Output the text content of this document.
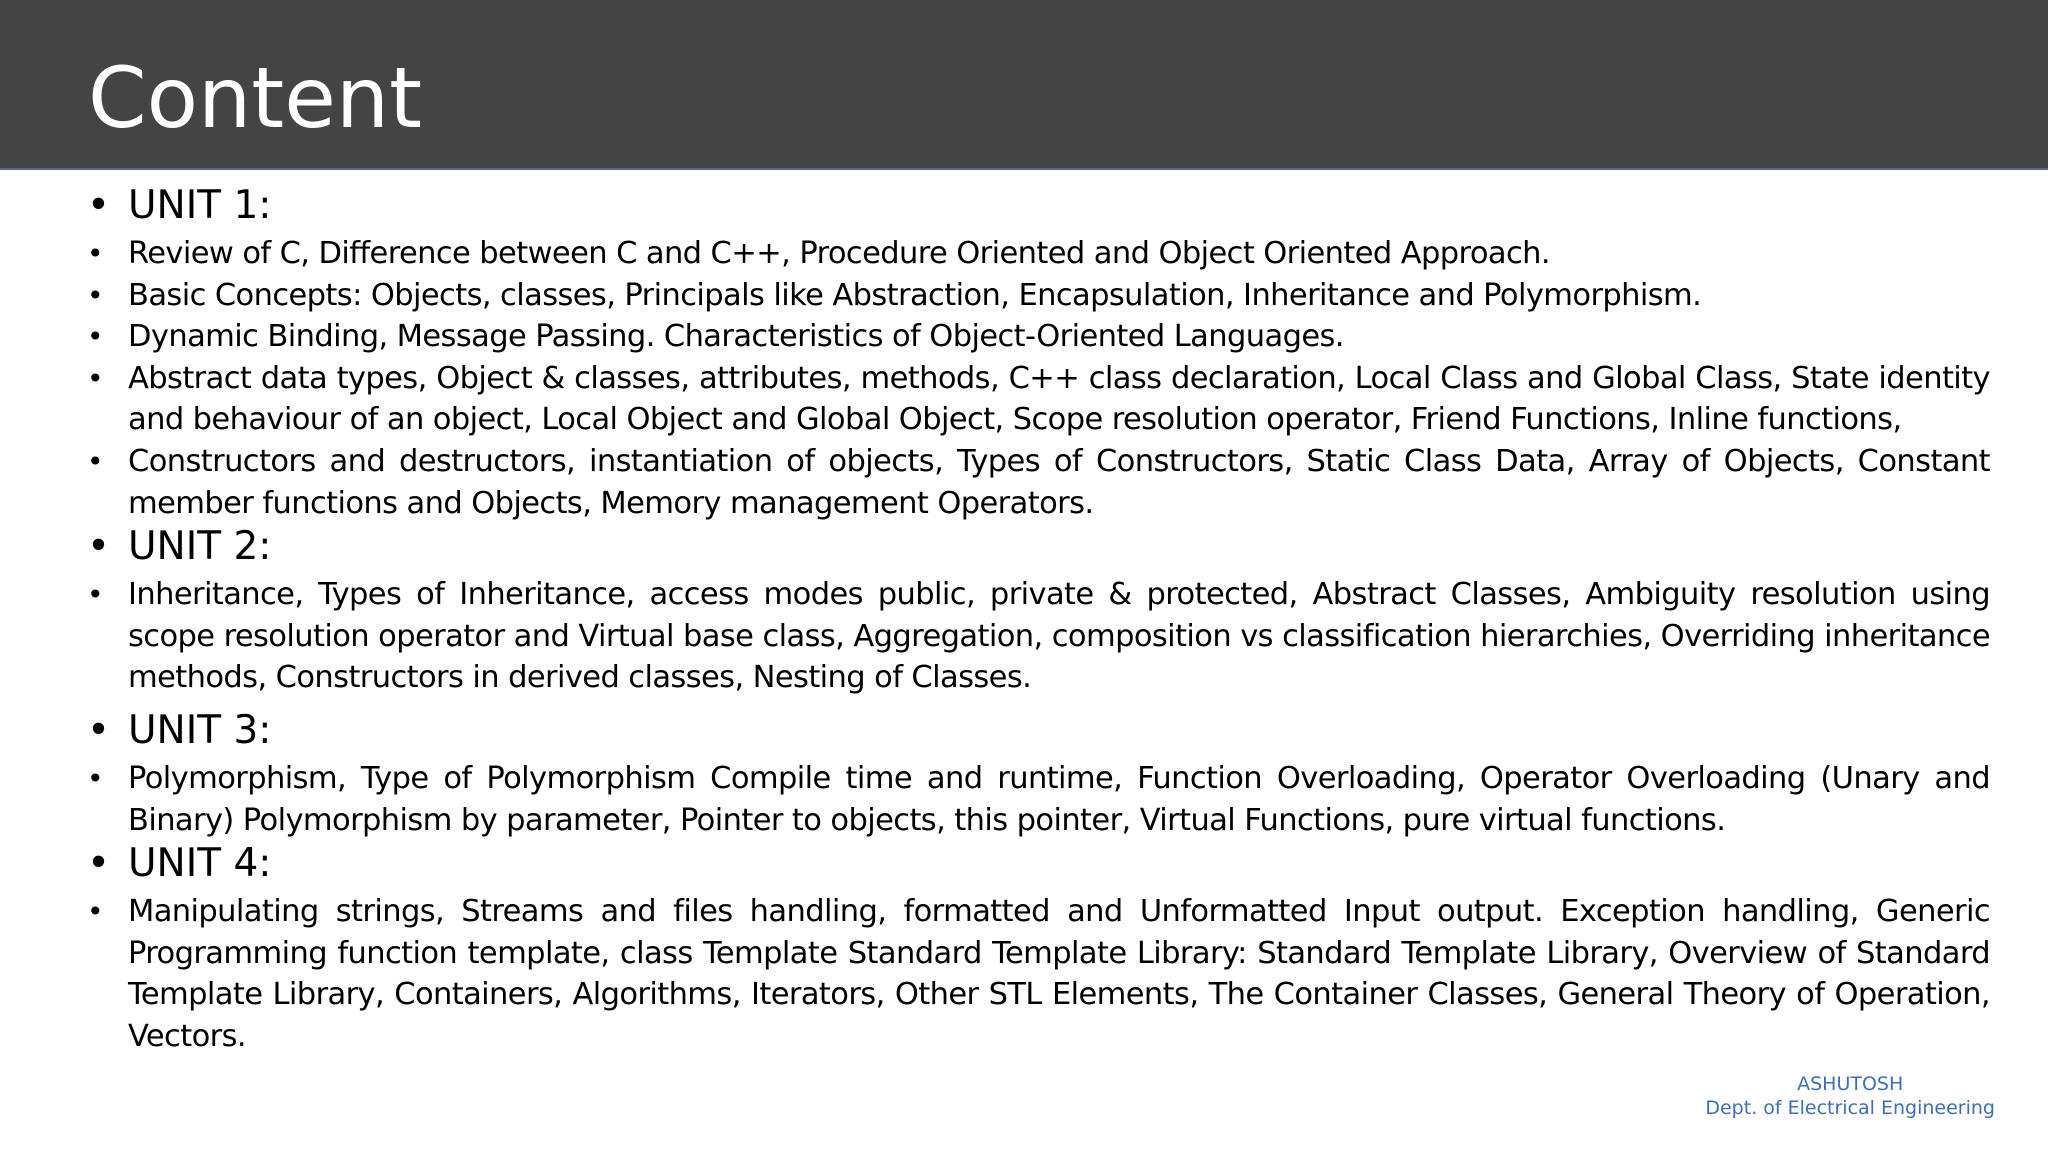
Content
• UNIT 1:
• Review of C, Difference between C and C++, Procedure Oriented and Object Oriented Approach.
• Basic Concepts: Objects, classes, Principals like Abstraction, Encapsulation, Inheritance and Polymorphism.
• Dynamic Binding, Message Passing. Characteristics of Object-Oriented Languages.
• Abstract data types, Object & classes, attributes, methods, C++ class declaration, Local Class and Global Class, State identity and behaviour of an object, Local Object and Global Object, Scope resolution operator, Friend Functions, Inline functions,
• Constructors and destructors, instantiation of objects, Types of Constructors, Static Class Data, Array of Objects, Constant member functions and Objects, Memory management Operators.
• UNIT 2:
• Inheritance, Types of Inheritance, access modes public, private & protected, Abstract Classes, Ambiguity resolution using scope resolution operator and Virtual base class, Aggregation, composition vs classification hierarchies, Overriding inheritance methods, Constructors in derived classes, Nesting of Classes.
• UNIT 3:
• Polymorphism, Type of Polymorphism Compile time and runtime, Function Overloading, Operator Overloading (Unary and Binary) Polymorphism by parameter, Pointer to objects, this pointer, Virtual Functions, pure virtual functions.
• UNIT 4:
• Manipulating strings, Streams and files handling, formatted and Unformatted Input output. Exception handling, Generic Programming function template, class Template Standard Template Library: Standard Template Library, Overview of Standard Template Library, Containers, Algorithms, Iterators, Other STL Elements, The Container Classes, General Theory of Operation, Vectors.
ASHUTOSH
Dept. of Electrical Engineering
